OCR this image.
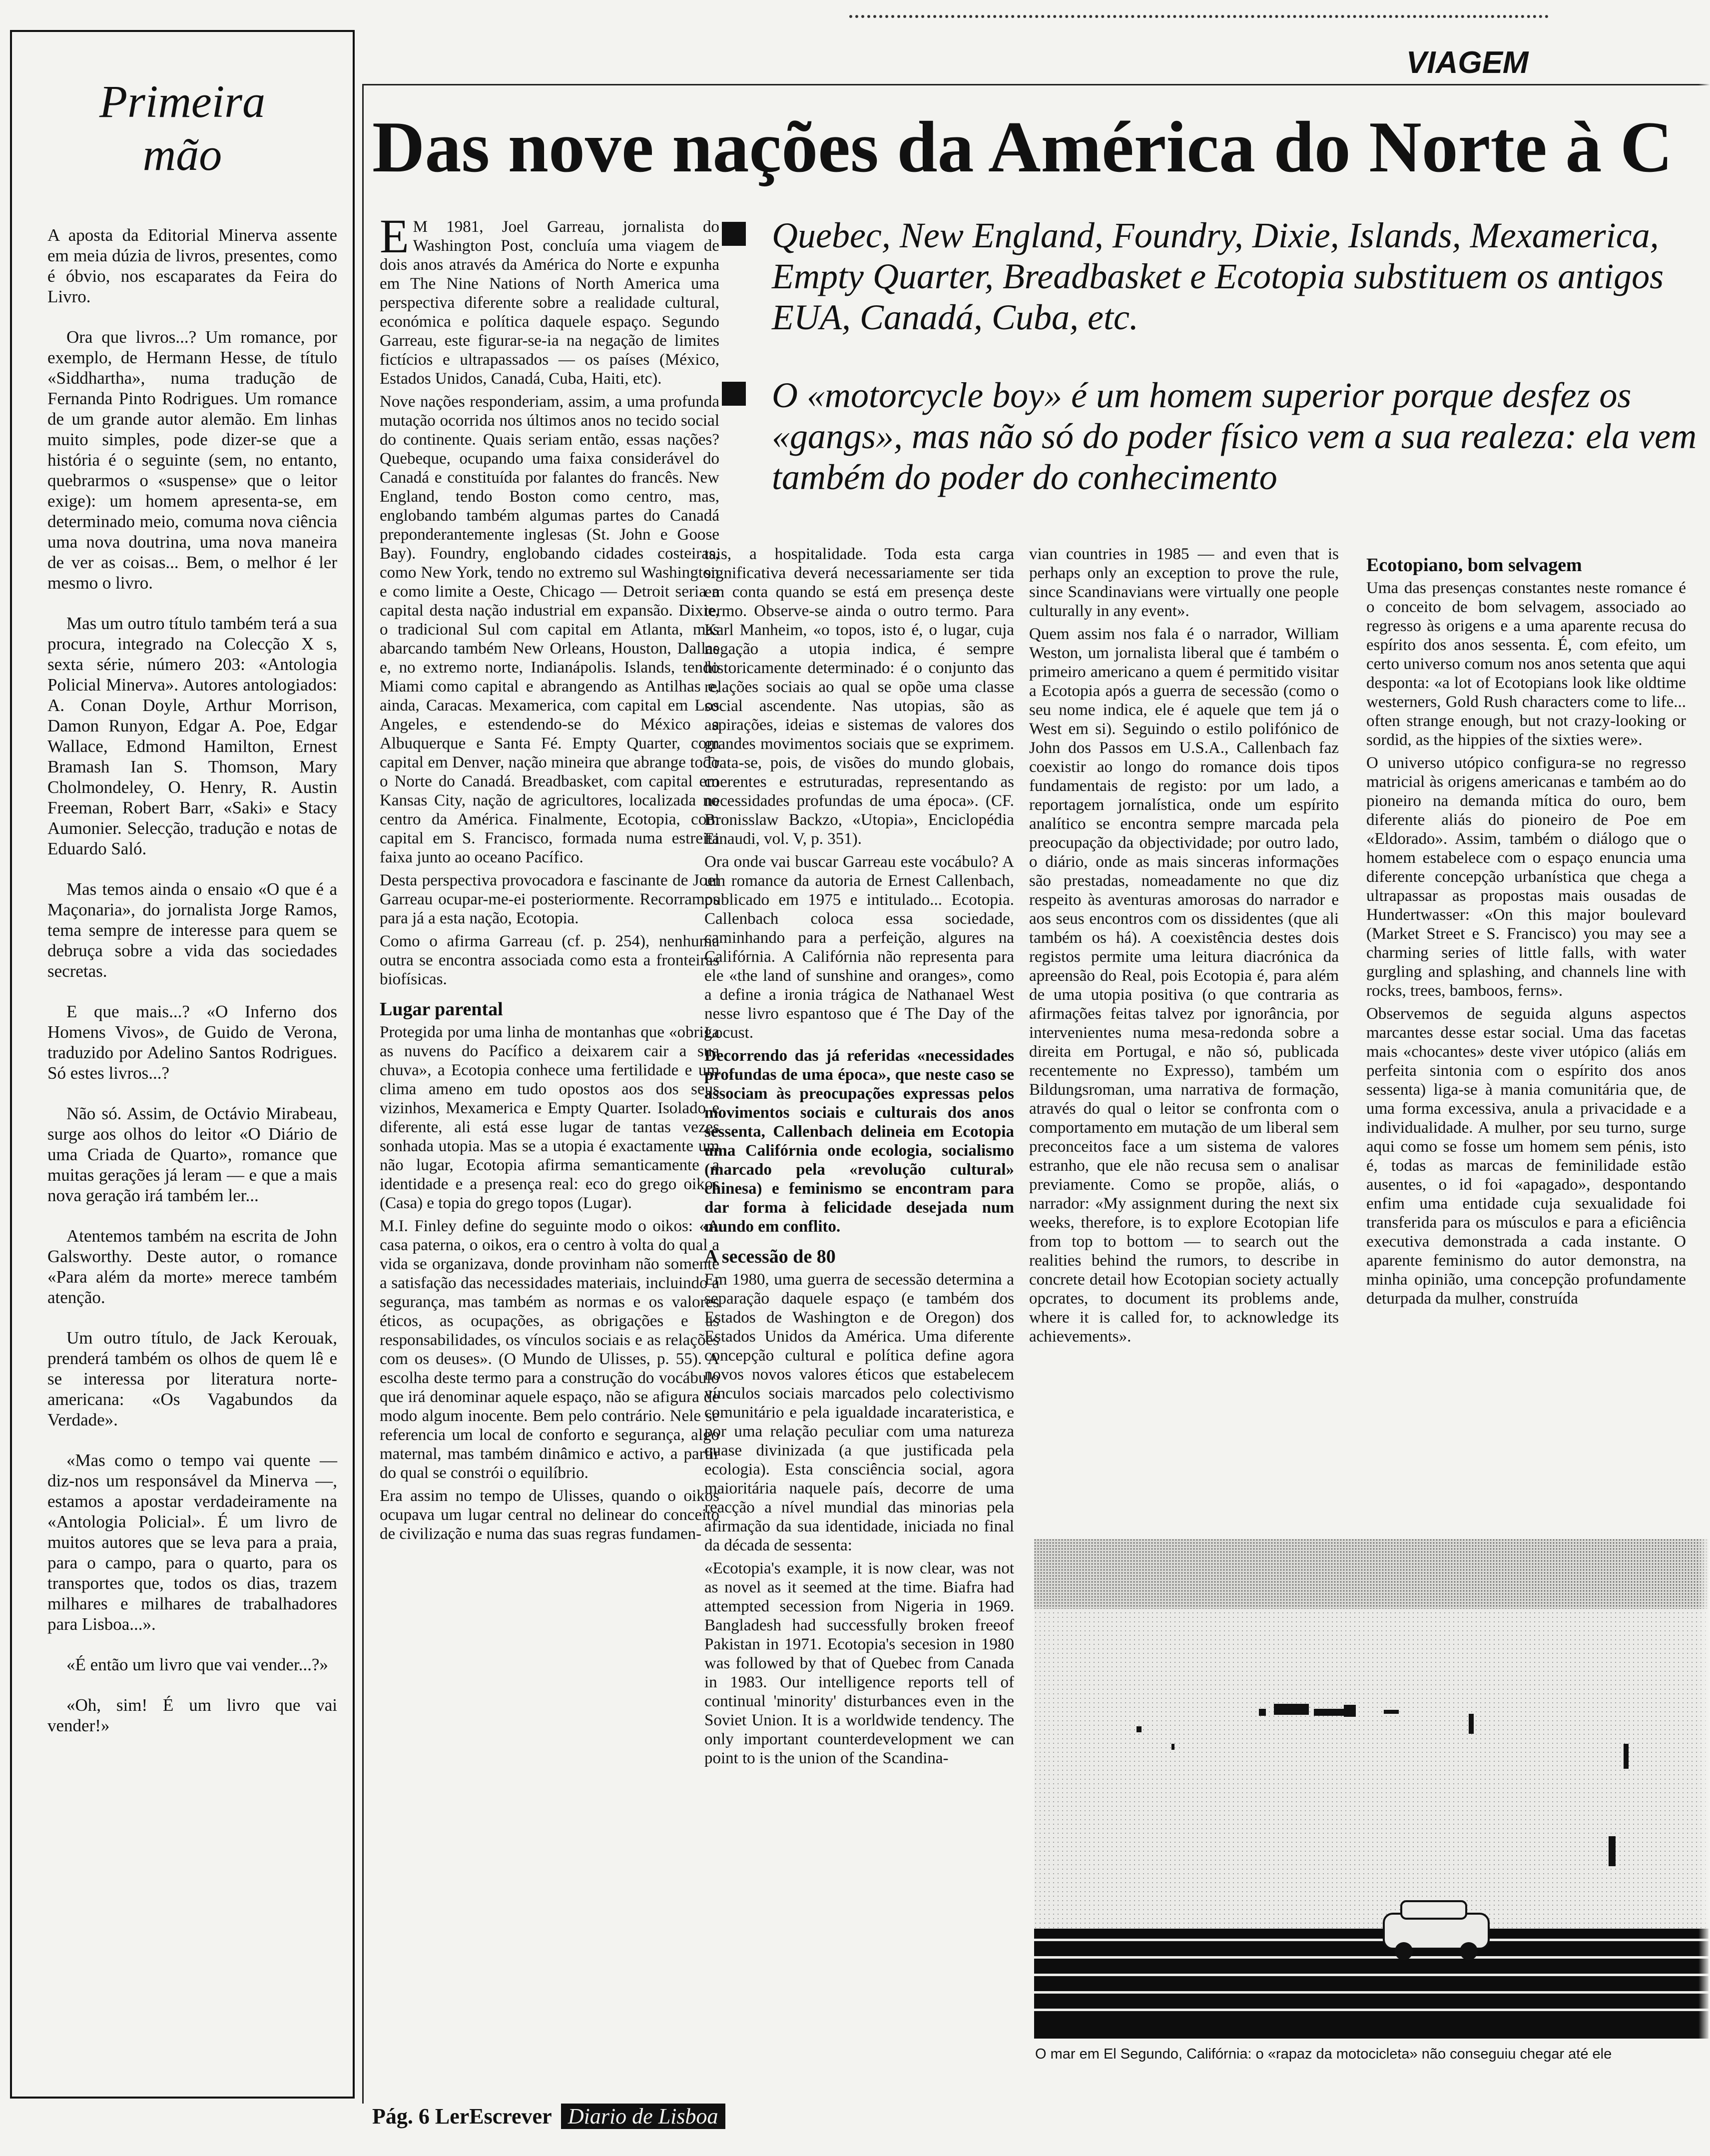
VIAGEM
Primeira
mão

A aposta da Editorial Minerva assente em meia dúzia de livros, presentes, como é óbvio, nos escaparates da Feira do Livro.

Ora que livros...? Um romance, por exemplo, de Hermann Hesse, de título «Siddhartha», numa tradução de Fernanda Pinto Rodrigues. Um romance de um grande autor alemão. Em linhas muito simples, pode dizer-se que a história é o seguinte (sem, no entanto, quebrarmos o «suspense» que o leitor exige): um homem apresenta-se, em determinado meio, comuma nova ciência uma nova doutrina, uma nova maneira de ver as coisas... Bem, o melhor é ler mesmo o livro.

Mas um outro título também terá a sua procura, integrado na Colecção X s, sexta série, número 203: «Antologia Policial Minerva». Autores antologiados: A. Conan Doyle, Arthur Morrison, Damon Runyon, Edgar A. Poe, Edgar Wallace, Edmond Hamilton, Ernest Bramash Ian S. Thomson, Mary Cholmondeley, O. Henry, R. Austin Freeman, Robert Barr, «Saki» e Stacy Aumonier. Selecção, tradução e notas de Eduardo Saló.

Mas temos ainda o ensaio «O que é a Maçonaria», do jornalista Jorge Ramos, tema sempre de interesse para quem se debruça sobre a vida das sociedades secretas.

E que mais...? «O Inferno dos Homens Vivos», de Guido de Verona, traduzido por Adelino Santos Rodrigues. Só estes livros...?

Não só. Assim, de Octávio Mirabeau, surge aos olhos do leitor «O Diário de uma Criada de Quarto», romance que muitas gerações já leram — e que a mais nova geração irá também ler...

Atentemos também na escrita de John Galsworthy. Deste autor, o romance «Para além da morte» merece também atenção.

Um outro título, de Jack Kerouak, prenderá também os olhos de quem lê e se interessa por literatura norte-americana: «Os Vagabundos da Verdade».

«Mas como o tempo vai quente — diz-nos um responsável da Minerva —, estamos a apostar verdadeiramente na «Antologia Policial». É um livro de muitos autores que se leva para a praia, para o campo, para o quarto, para os transportes que, todos os dias, trazem milhares e milhares de trabalhadores para Lisboa...».

«É então um livro que vai vender...?»

«Oh, sim! É um livro que vai vender!»

Das nove nações da América do Norte à C
Quebec, New England, Foundry, Dixie, Islands, Mexamerica, Empty Quarter, Breadbasket e Ecotopia substituem os antigos EUA, Canadá, Cuba, etc.
O «motorcycle boy» é um homem superior porque desfez os «gangs», mas não só do poder físico vem a sua realeza: ela vem também do poder do conhecimento

EM 1981, Joel Garreau, jornalista do Washington Post, concluía uma viagem de dois anos através da América do Norte e expunha em The Nine Nations of North America uma perspectiva diferente sobre a realidade cultural, económica e política daquele espaço. Segundo Garreau, este figurar-se-ia na negação de limites fictícios e ultrapassados — os países (México, Estados Unidos, Canadá, Cuba, Haiti, etc).

Nove nações responderiam, assim, a uma profunda mutação ocorrida nos últimos anos no tecido social do continente. Quais seriam então, essas nações? Quebeque, ocupando uma faixa considerável do Canadá e constituída por falantes do francês. New England, tendo Boston como centro, mas, englobando também algumas partes do Canadá preponderantemente inglesas (St. John e Goose Bay). Foundry, englobando cidades costeiras, como New York, tendo no extremo sul Washington e como limite a Oeste, Chicago — Detroit seria a capital desta nação industrial em expansão. Dixie, o tradicional Sul com capital em Atlanta, mas abarcando também New Orleans, Houston, Dallas e, no extremo norte, Indianápolis. Islands, tendo Miami como capital e abrangendo as Antilhas e, ainda, Caracas. Mexamerica, com capital em Los Angeles, e estendendo-se do México a Albuquerque e Santa Fé. Empty Quarter, com capital em Denver, nação mineira que abrange todo o Norte do Canadá. Breadbasket, com capital em Kansas City, nação de agricultores, localizada no centro da América. Finalmente, Ecotopia, com capital em S. Francisco, formada numa estreita faixa junto ao oceano Pacífico.

Desta perspectiva provocadora e fascinante de Joel Garreau ocupar-me-ei posteriormente. Recorramos para já a esta nação, Ecotopia.

Como o afirma Garreau (cf. p. 254), nenhuma outra se encontra associada como esta a fronteiras biofísicas.

Lugar parental

Protegida por uma linha de montanhas que «obriga as nuvens do Pacífico a deixarem cair a sua chuva», a Ecotopia conhece uma fertilidade e um clima ameno em tudo opostos aos dos seus vizinhos, Mexamerica e Empty Quarter. Isolado e diferente, ali está esse lugar de tantas vezes sonhada utopia. Mas se a utopia é exactamente um não lugar, Ecotopia afirma semanticamente a identidade e a presença real: eco do grego oikos (Casa) e topia do grego topos (Lugar).

M.I. Finley define do seguinte modo o oikos: «A casa paterna, o oikos, era o centro à volta do qual a vida se organizava, donde provinham não somente a satisfação das necessidades materiais, incluindo a segurança, mas também as normas e os valores éticos, as ocupações, as obrigações e as responsabilidades, os vínculos sociais e as relações com os deuses». (O Mundo de Ulisses, p. 55). A escolha deste termo para a construção do vocábulo que irá denominar aquele espaço, não se afigura de modo algum inocente. Bem pelo contrário. Nele se referencia um local de conforto e segurança, algo maternal, mas também dinâmico e activo, a partir do qual se constrói o equilíbrio.

Era assim no tempo de Ulisses, quando o oikos ocupava um lugar central no delinear do conceito de civilização e numa das suas regras fundamen-

tais, a hospitalidade. Toda esta carga significativa deverá necessariamente ser tida em conta quando se está em presença deste termo. Observe-se ainda o outro termo. Para Karl Manheim, «o topos, isto é, o lugar, cuja negação a utopia indica, é sempre historicamente determinado: é o conjunto das relações sociais ao qual se opõe uma classe social ascendente. Nas utopias, são as aspirações, ideias e sistemas de valores dos grandes movimentos sociais que se exprimem. Trata-se, pois, de visões do mundo globais, coerentes e estruturadas, representando as necessidades profundas de uma época». (CF. Bronisslaw Backzo, «Utopia», Enciclopédia Einaudi, vol. V, p. 351).

Ora onde vai buscar Garreau este vocábulo? A um romance da autoria de Ernest Callenbach, publicado em 1975 e intitulado... Ecotopia. Callenbach coloca essa sociedade, caminhando para a perfeição, algures na Califórnia. A Califórnia não representa para ele «the land of sunshine and oranges», como a define a ironia trágica de Nathanael West nesse livro espantoso que é The Day of the Locust.

Decorrendo das já referidas «necessidades profundas de uma época», que neste caso se associam às preocupações expressas pelos movimentos sociais e culturais dos anos sessenta, Callenbach delineia em Ecotopia uma Califórnia onde ecologia, socialismo (marcado pela «revolução cultural» chinesa) e feminismo se encontram para dar forma à felicidade desejada num mundo em conflito.

A secessão de 80

Em 1980, uma guerra de secessão determina a separação daquele espaço (e também dos Estados de Washington e de Oregon) dos Estados Unidos da América. Uma diferente concepção cultural e política define agora novos novos valores éticos que estabelecem vínculos sociais marcados pelo colectivismo comunitário e pela igualdade incarateristica, e por uma relação peculiar com uma natureza quase divinizada (a que justificada pela ecologia). Esta consciência social, agora maioritária naquele país, decorre de uma reacção a nível mundial das minorias pela afirmação da sua identidade, iniciada no final da década de sessenta:

«Ecotopia's example, it is now clear, was not as novel as it seemed at the time. Biafra had attempted secession from Nigeria in 1969. Bangladesh had successfully broken freeof Pakistan in 1971. Ecotopia's secesion in 1980 was followed by that of Quebec from Canada in 1983. Our intelligence reports tell of continual 'minority' disturbances even in the Soviet Union. It is a worldwide tendency. The only important counterdevelopment we can point to is the union of the Scandina-

vian countries in 1985 — and even that is perhaps only an exception to prove the rule, since Scandinavians were virtually one people culturally in any event».

Quem assim nos fala é o narrador, William Weston, um jornalista liberal que é também o primeiro americano a quem é permitido visitar a Ecotopia após a guerra de secessão (como o seu nome indica, ele é aquele que tem já o West em si). Seguindo o estilo polifónico de John dos Passos em U.S.A., Callenbach faz coexistir ao longo do romance dois tipos fundamentais de registo: por um lado, a reportagem jornalística, onde um espírito analítico se encontra sempre marcada pela preocupação da objectividade; por outro lado, o diário, onde as mais sinceras informações são prestadas, nomeadamente no que diz respeito às aventuras amorosas do narrador e aos seus encontros com os dissidentes (que ali também os há). A coexistência destes dois registos permite uma leitura diacrónica da apreensão do Real, pois Ecotopia é, para além de uma utopia positiva (o que contraria as afirmações feitas talvez por ignorância, por intervenientes numa mesa-redonda sobre a direita em Portugal, e não só, publicada recentemente no Expresso), também um Bildungsroman, uma narrativa de formação, através do qual o leitor se confronta com o comportamento em mutação de um liberal sem preconceitos face a um sistema de valores estranho, que ele não recusa sem o analisar previamente. Como se propõe, aliás, o narrador: «My assignment during the next six weeks, therefore, is to explore Ecotopian life from top to bottom — to search out the realities behind the rumors, to describe in concrete detail how Ecotopian society actually opcrates, to document its problems ande, where it is called for, to acknowledge its achievements».

Ecotopiano, bom selvagem

Uma das presenças constantes neste romance é o conceito de bom selvagem, associado ao regresso às origens e a uma aparente recusa do espírito dos anos sessenta. É, com efeito, um certo universo comum nos anos setenta que aqui desponta: «a lot of Ecotopians look like oldtime westerners, Gold Rush characters come to life... often strange enough, but not crazy-looking or sordid, as the hippies of the sixties were».

O universo utópico configura-se no regresso matricial às origens americanas e também ao do pioneiro na demanda mítica do ouro, bem diferente aliás do pioneiro de Poe em «Eldorado». Assim, também o diálogo que o homem estabelece com o espaço enuncia uma diferente concepção urbanística que chega a ultrapassar as propostas mais ousadas de Hundertwasser: «On this major boulevard (Market Street e S. Francisco) you may see a charming series of little falls, with water gurgling and splashing, and channels line with rocks, trees, bamboos, ferns».

Observemos de seguida alguns aspectos marcantes desse estar social. Uma das facetas mais «chocantes» deste viver utópico (aliás em perfeita sintonia com o espírito dos anos sessenta) liga-se à mania comunitária que, de uma forma excessiva, anula a privacidade e a individualidade. A mulher, por seu turno, surge aqui como se fosse um homem sem pénis, isto é, todas as marcas de feminilidade estão ausentes, o id foi «apagado», despontando enfim uma entidade cuja sexualidade foi transferida para os músculos e para a eficiência executiva demonstrada a cada instante. O aparente feminismo do autor demonstra, na minha opinião, uma concepção profundamente deturpada da mulher, construída

O mar em El Segundo, Califórnia: o «rapaz da motocicleta» não conseguiu chegar até ele
Pág. 6 LerEscrever Diario de Lisboa
